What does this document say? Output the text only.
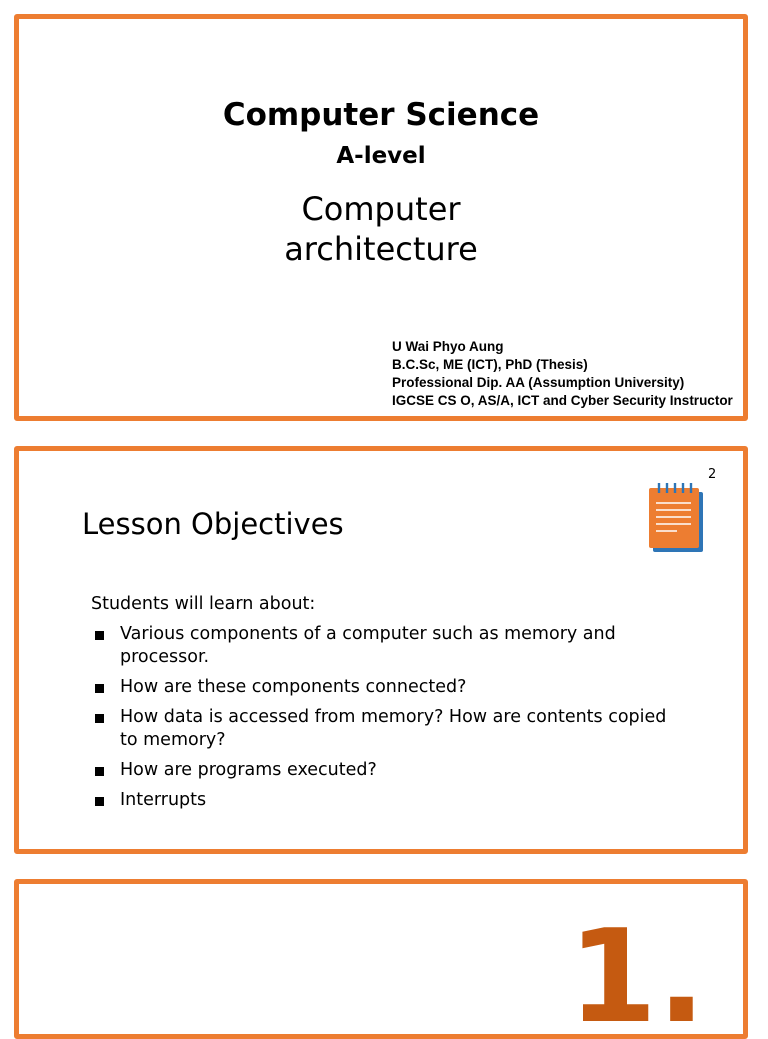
Computer Science
A-level
Computer
architecture
U Wai Phyo Aung
B.C.Sc, ME (ICT), PhD (Thesis)
Professional Dip. AA (Assumption University)
IGCSE CS O, AS/A, ICT and Cyber Security Instructor
2
Lesson Objectives
Students will learn about:
Various components of a computer such as memory and processor.
How are these components connected?
How data is accessed from memory? How are contents copied to memory?
How are programs executed?
Interrupts
1.
